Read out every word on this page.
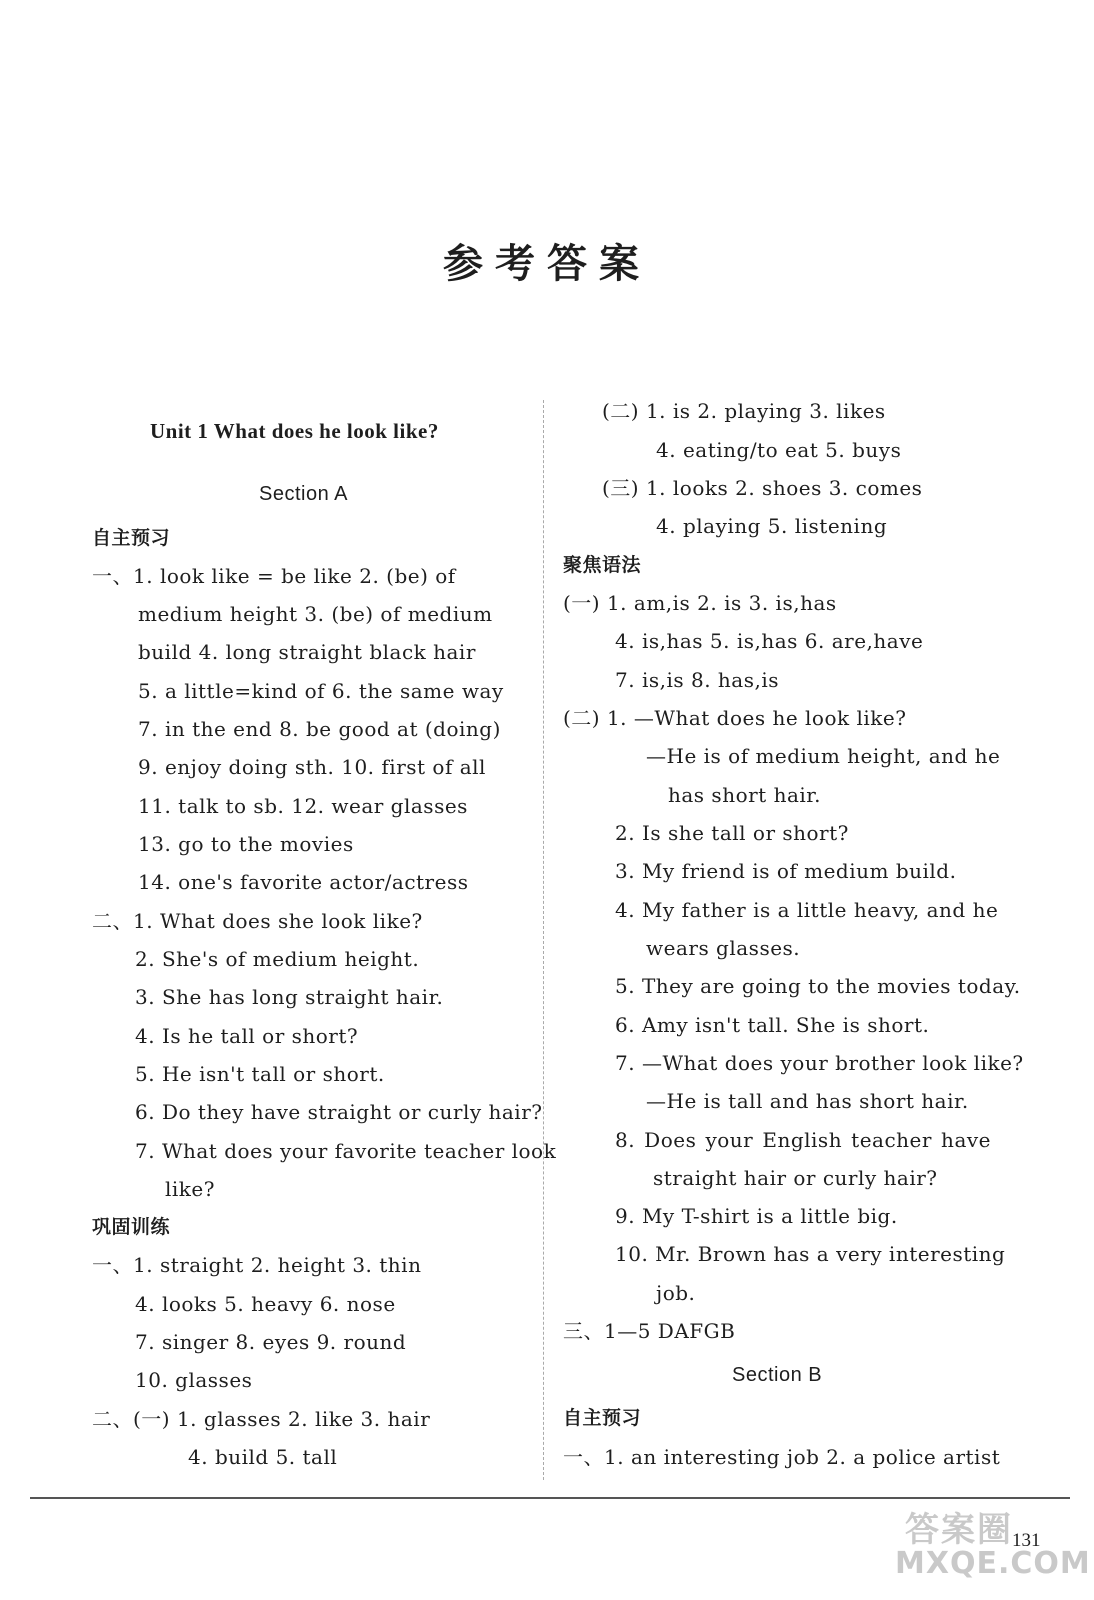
参考答案
Unit 1 What does he look like?
Section A
自主预习
一、1. look like = be like 2. (be) of
medium height 3. (be) of medium
build 4. long straight black hair
5. a little=kind of 6. the same way
7. in the end 8. be good at (doing)
9. enjoy doing sth. 10. first of all
11. talk to sb. 12. wear glasses
13. go to the movies
14. one's favorite actor/actress
二、1. What does she look like?
2. She's of medium height.
3. She has long straight hair.
4. Is he tall or short?
5. He isn't tall or short.
6. Do they have straight or curly hair?
7. What does your favorite teacher look
like?
巩固训练
一、1. straight 2. height 3. thin
4. looks 5. heavy 6. nose
7. singer 8. eyes 9. round
10. glasses
二、(一) 1. glasses 2. like 3. hair
4. build 5. tall
(二) 1. is 2. playing 3. likes
4. eating/to eat 5. buys
(三) 1. looks 2. shoes 3. comes
4. playing 5. listening
聚焦语法
(一) 1. am,is 2. is 3. is,has
4. is,has 5. is,has 6. are,have
7. is,is 8. has,is
(二) 1. —What does he look like?
—He is of medium height, and he
has short hair.
2. Is she tall or short?
3. My friend is of medium build.
4. My father is a little heavy, and he
wears glasses.
5. They are going to the movies today.
6. Amy isn't tall. She is short.
7. —What does your brother look like?
—He is tall and has short hair.
8. Does your English teacher have
straight hair or curly hair?
9. My T-shirt is a little big.
10. Mr. Brown has a very interesting
job.
三、1—5 DAFGB
Section B
自主预习
一、1. an interesting job 2. a police artist
131
答案圈
MXQE.COM
